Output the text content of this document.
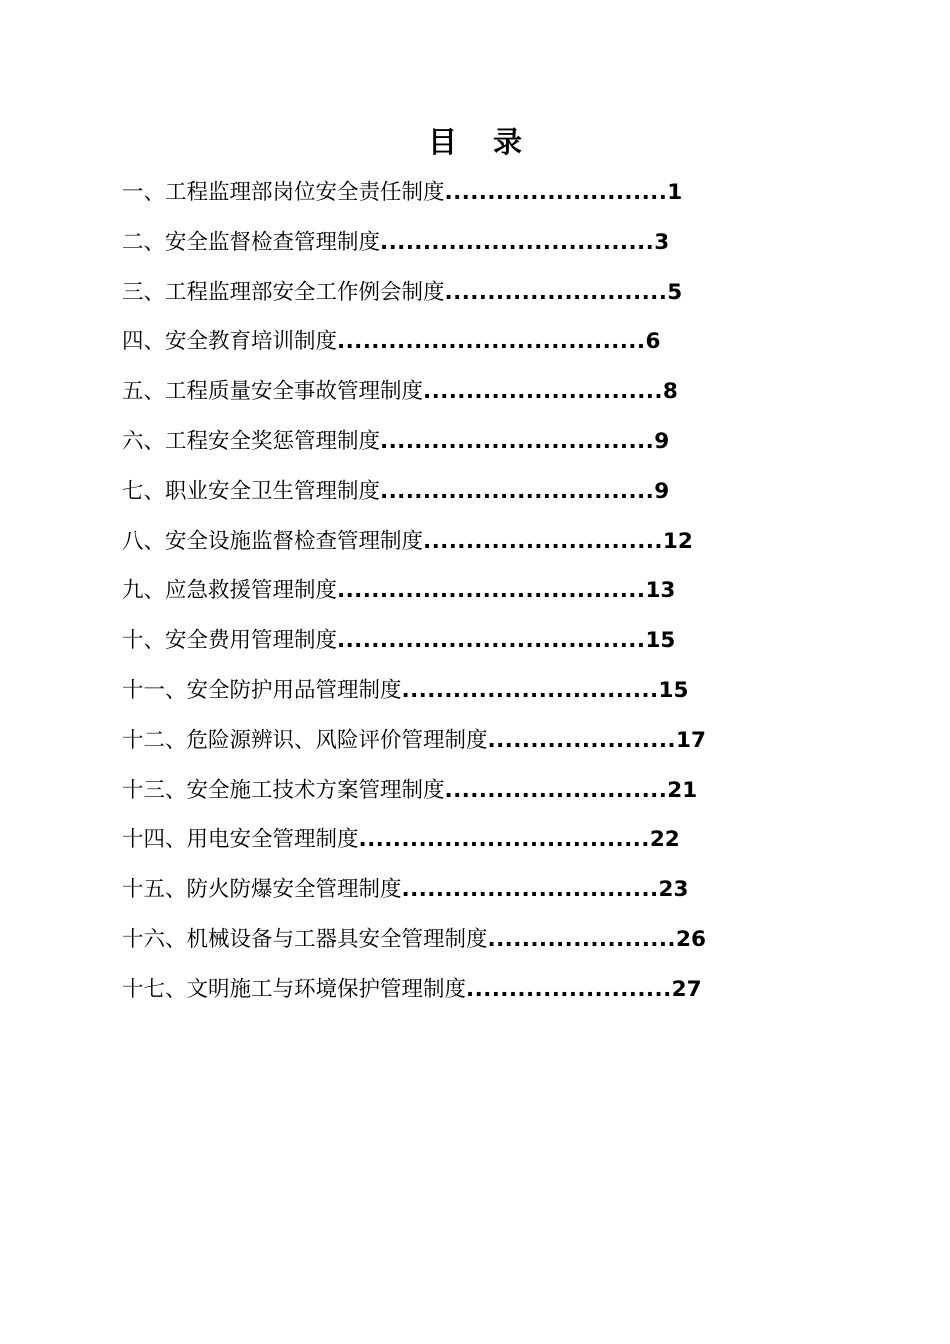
目录
一、工程监理部岗位安全责任制度..........................1
二、安全监督检查管理制度................................3
三、工程监理部安全工作例会制度..........................5
四、安全教育培训制度....................................6
五、工程质量安全事故管理制度............................8
六、工程安全奖惩管理制度................................9
七、职业安全卫生管理制度................................9
八、安全设施监督检查管理制度............................12
九、应急救援管理制度....................................13
十、安全费用管理制度....................................15
十一、安全防护用品管理制度..............................15
十二、危险源辨识、风险评价管理制度......................17
十三、安全施工技术方案管理制度..........................21
十四、用电安全管理制度..................................22
十五、防火防爆安全管理制度..............................23
十六、机械设备与工器具安全管理制度......................26
十七、文明施工与环境保护管理制度........................27
